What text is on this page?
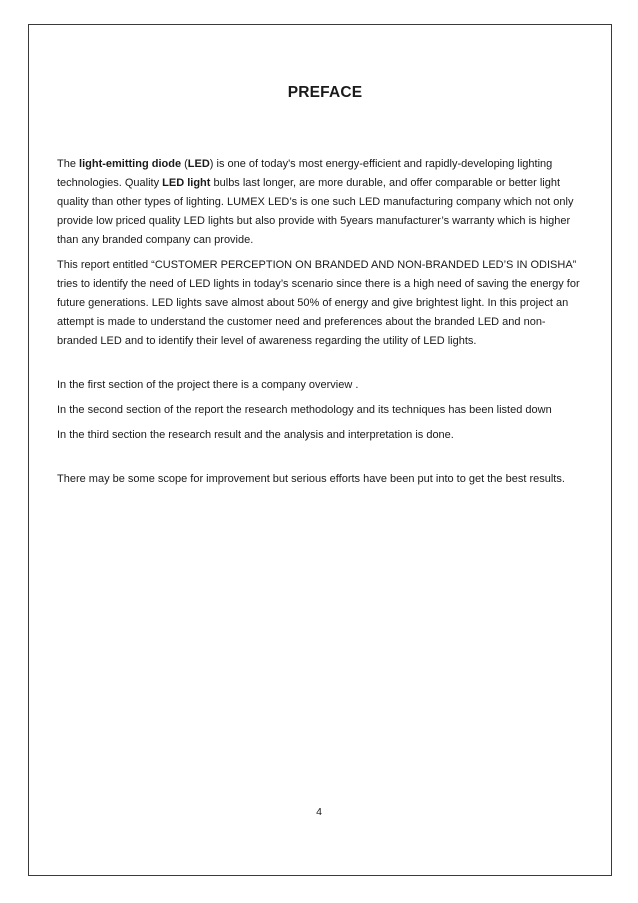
PREFACE

The light-emitting diode (LED) is one of today's most energy-efficient and rapidly-developing lighting technologies. Quality LED light bulbs last longer, are more durable, and offer comparable or better light quality than other types of lighting. LUMEX LED’s is one such LED manufacturing company which not only provide low priced quality LED lights but also provide with 5years manufacturer’s warranty which is higher than any branded company can provide.

This report entitled “CUSTOMER PERCEPTION ON BRANDED AND NON-BRANDED LED’S IN ODISHA” tries to identify the need of LED lights in today’s scenario since there is a high need of saving the energy for future generations. LED lights save almost about 50% of energy and give brightest light. In this project an attempt is made to understand the customer need and preferences about the branded LED and non- branded LED and to identify their level of awareness regarding the utility of LED lights.

In the first section of the project there is a company overview .

In the second section of the report the research methodology and its techniques has been listed down

In the third section the research result and the analysis and interpretation is done.

There may be some scope for improvement but serious efforts have been put into to get the best results.

4
